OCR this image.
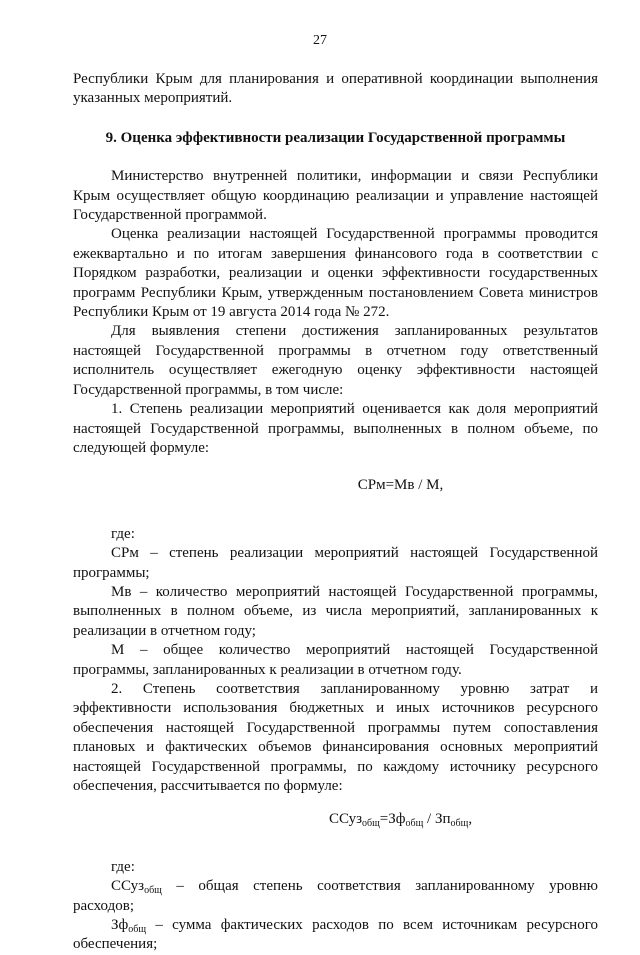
27

Республики Крым для планирования и оперативной координации выполнения указанных мероприятий.

9. Оценка эффективности реализации Государственной программы

Министерство внутренней политики, информации и связи Республики Крым осуществляет общую координацию реализации и управление настоящей Государственной программой.

Оценка реализации настоящей Государственной программы проводится ежеквартально и по итогам завершения финансового года в соответствии с Порядком разработки, реализации и оценки эффективности государственных программ Республики Крым, утвержденным постановлением Совета министров Республики Крым от 19 августа 2014 года № 272.

Для выявления степени достижения запланированных результатов настоящей Государственной программы в отчетном году ответственный исполнитель осуществляет ежегодную оценку эффективности настоящей Государственной программы, в том числе:

1. Степень реализации мероприятий оценивается как доля мероприятий настоящей Государственной программы, выполненных в полном объеме, по следующей формуле:

СРм=Мв / М,

где:

СРм – степень реализации мероприятий настоящей Государственной программы;

Мв – количество мероприятий настоящей Государственной программы, выполненных в полном объеме, из числа мероприятий, запланированных к реализации в отчетном году;

М – общее количество мероприятий настоящей Государственной программы, запланированных к реализации в отчетном году.

2. Степень соответствия запланированному уровню затрат и эффективности использования бюджетных и иных источников ресурсного обеспечения настоящей Государственной программы путем сопоставления плановых и фактических объемов финансирования основных мероприятий настоящей Государственной программы, по каждому источнику ресурсного обеспечения, рассчитывается по формуле:

$ССуз_{общ}=Зф_{общ} / Зп_{общ}$,

где:

ССуз$_{общ}$ – общая степень соответствия запланированному уровню расходов;

$Зф_{общ}$ – сумма фактических расходов по всем источникам ресурсного обеспечения;
